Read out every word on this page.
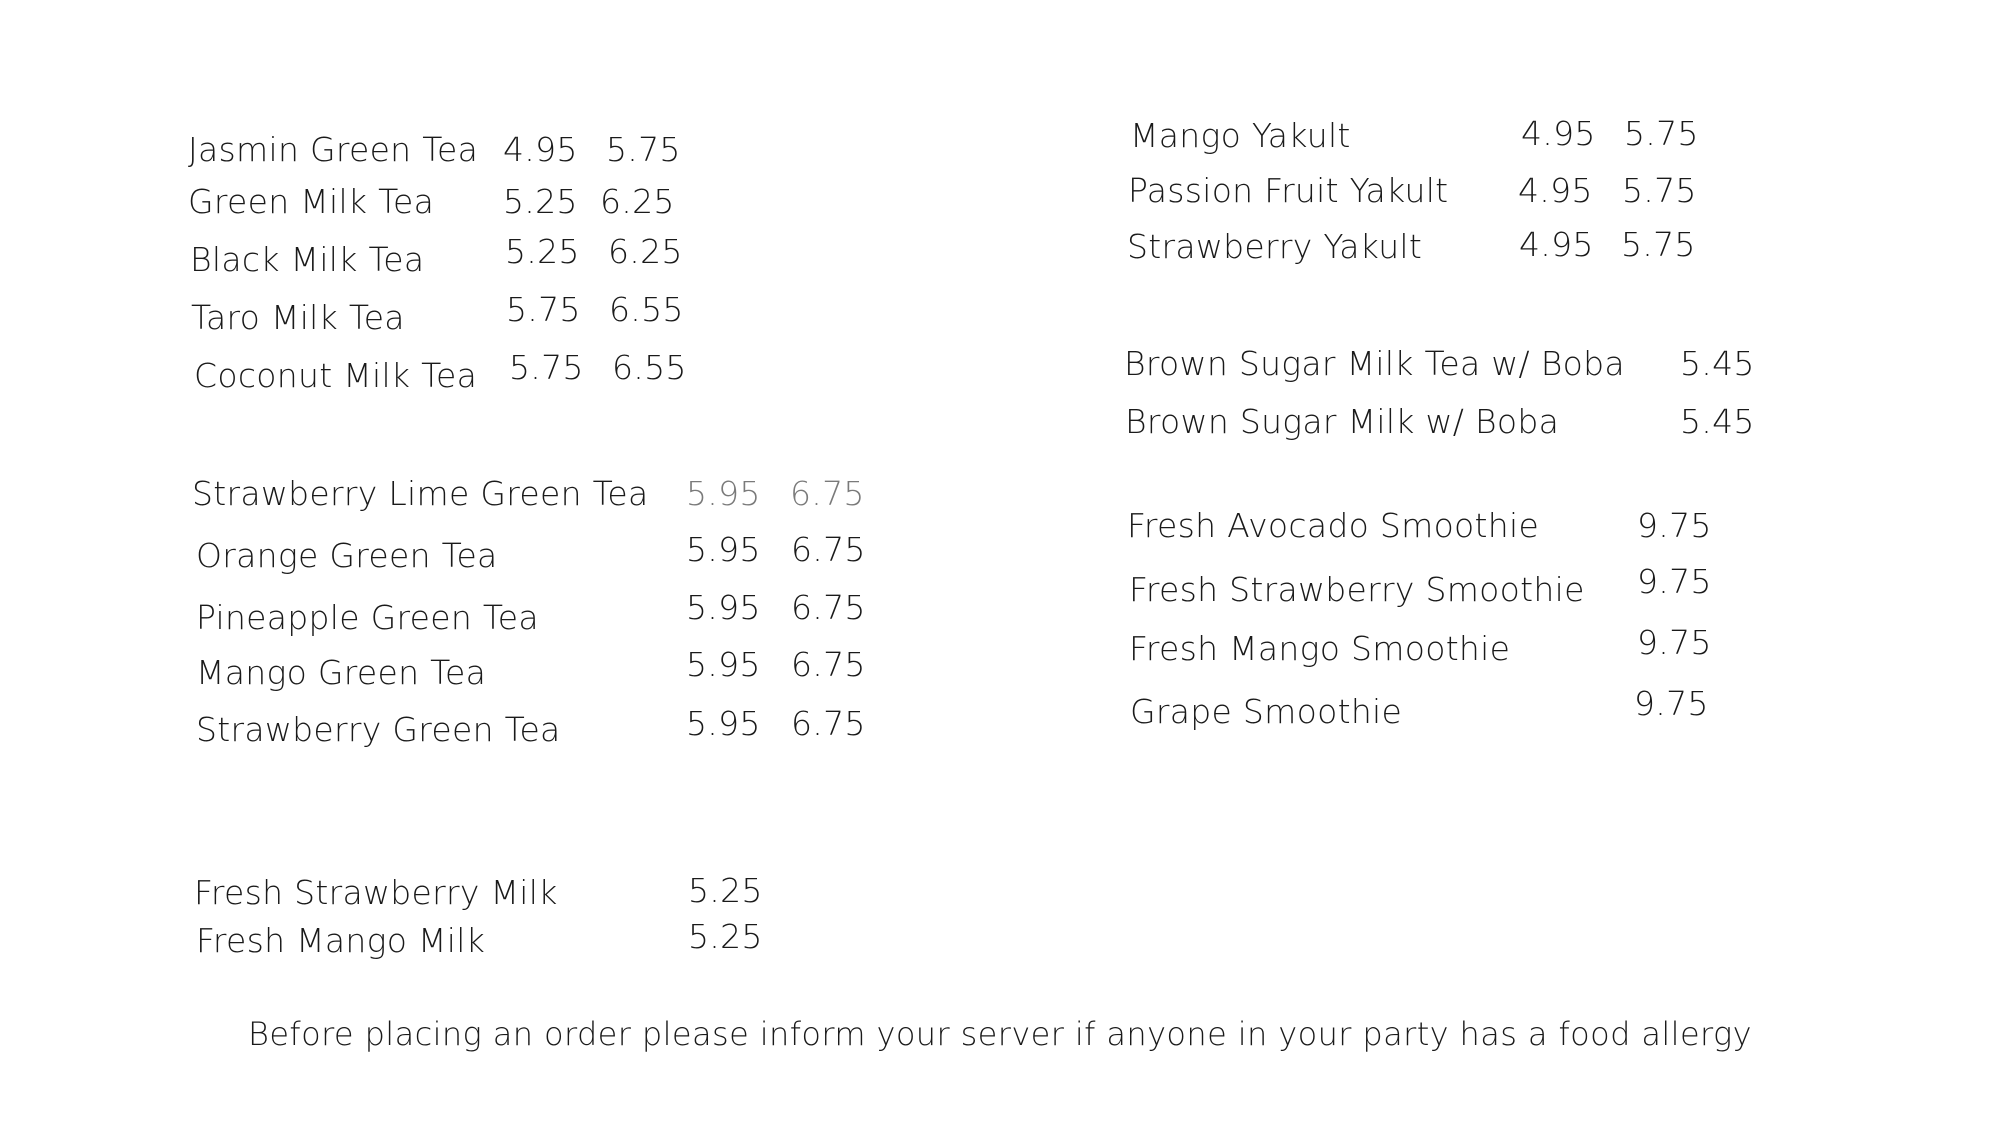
Jasmin Green Tea 4.95 5.75
Green Milk Tea 5.25 6.25
Black Milk Tea 5.25 6.25
Taro Milk Tea	5.75 6.55
Coconut Milk Tea 5.75 6.55
Strawberry Lime Green Tea 5.95 6.75
Orange Green Tea	5.95 6.75
Pineapple Green Tea	5.95 6.75
Mango Green Tea	5.95 6.75
Strawberry Green Tea	5.95 6.75
Fresh Strawberry Milk	5.25
Fresh Mango Milk	5.25
Mango Yakult	4.95 5.75
Passion Fruit Yakult 4.95 5.75
Strawberry Yakult	4.95 5.75
Brown Sugar Milk Tea w/ Boba 5.45
Brown Sugar Milk w/ Boba	5.45
Fresh Avocado Smoothie	9.75
Fresh Strawberry Smoothie 9.75
Fresh Mango Smoothie	9.75
Grape Smoothie	9.75
Before placing an order please inform your server if anyone in your party has a food allergy
